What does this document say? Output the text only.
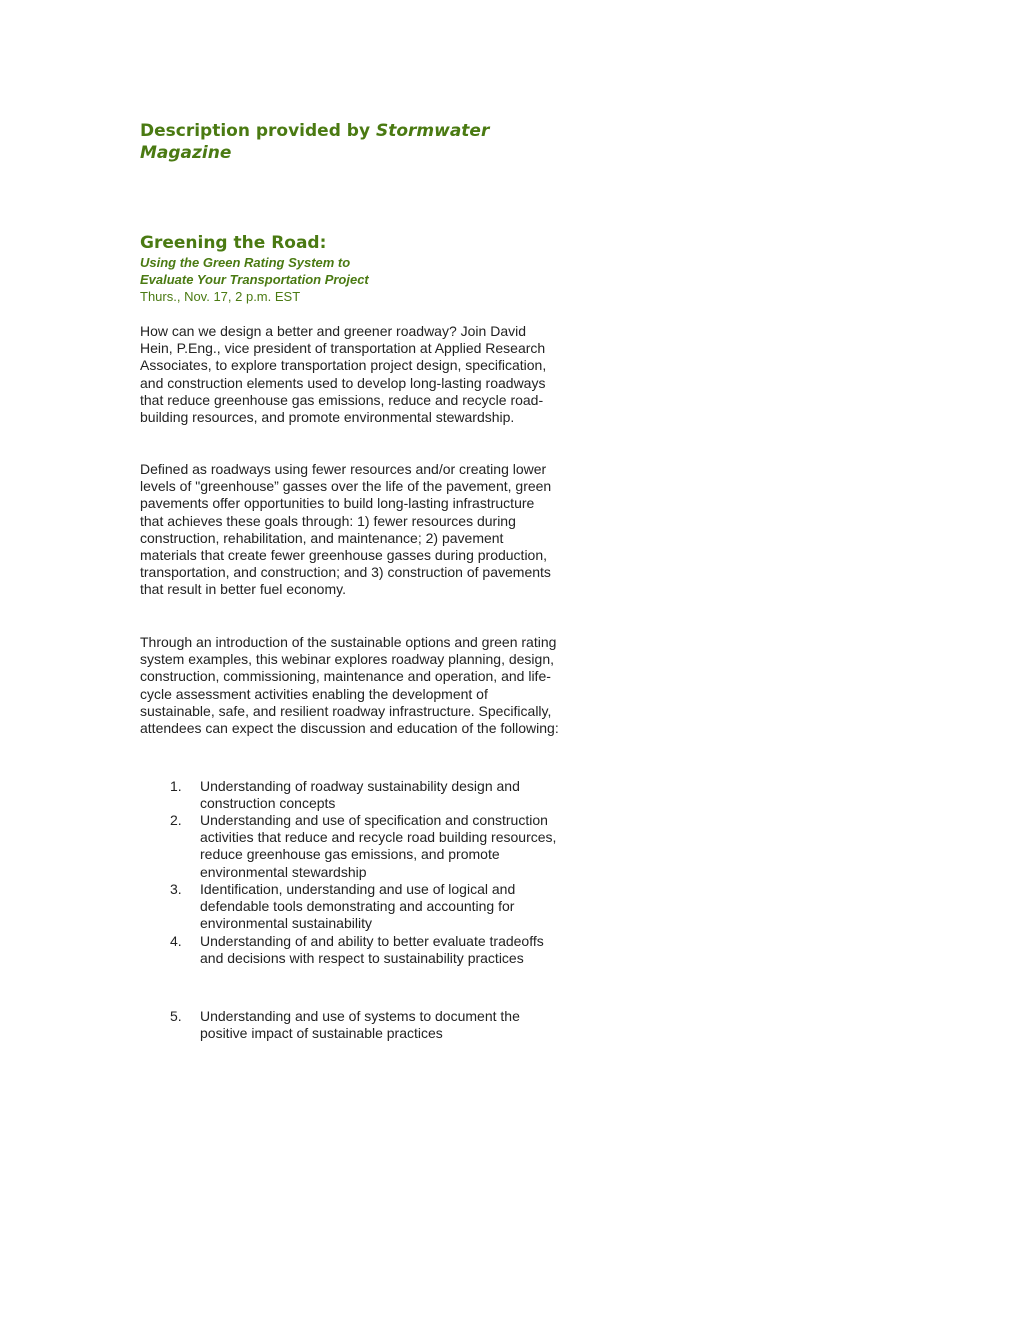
Description provided by Stormwater Magazine
Greening the Road:

Using the Green Rating System to

Evaluate Your Transportation Project

Thurs., Nov. 17, 2 p.m. EST

How can we design a better and greener roadway? Join David Hein, P.Eng., vice president of transportation at Applied Research Associates, to explore transportation project design, specification, and construction elements used to develop long-lasting roadways that reduce greenhouse gas emissions, reduce and recycle road-building resources, and promote environmental stewardship.

Defined as roadways using fewer resources and/or creating lower levels of "greenhouse” gasses over the life of the pavement, green pavements offer opportunities to build long-lasting infrastructure that achieves these goals through: 1) fewer resources during construction, rehabilitation, and maintenance; 2) pavement materials that create fewer greenhouse gasses during production, transportation, and construction; and 3) construction of pavements that result in better fuel economy.

Through an introduction of the sustainable options and green rating system examples, this webinar explores roadway planning, design, construction, commissioning, maintenance and operation, and life-cycle assessment activities enabling the development of sustainable, safe, and resilient roadway infrastructure. Specifically, attendees can expect the discussion and education of the following:

1.	Understanding of roadway sustainability design and construction concepts
2.	Understanding and use of specification and construction activities that reduce and recycle road building resources, reduce greenhouse gas emissions, and promote environmental stewardship
3.	Identification, understanding and use of logical and defendable tools demonstrating and accounting for environmental sustainability
4.	Understanding of and ability to better evaluate tradeoffs and decisions with respect to sustainability practices
5.	Understanding and use of systems to document the positive impact of sustainable practices
